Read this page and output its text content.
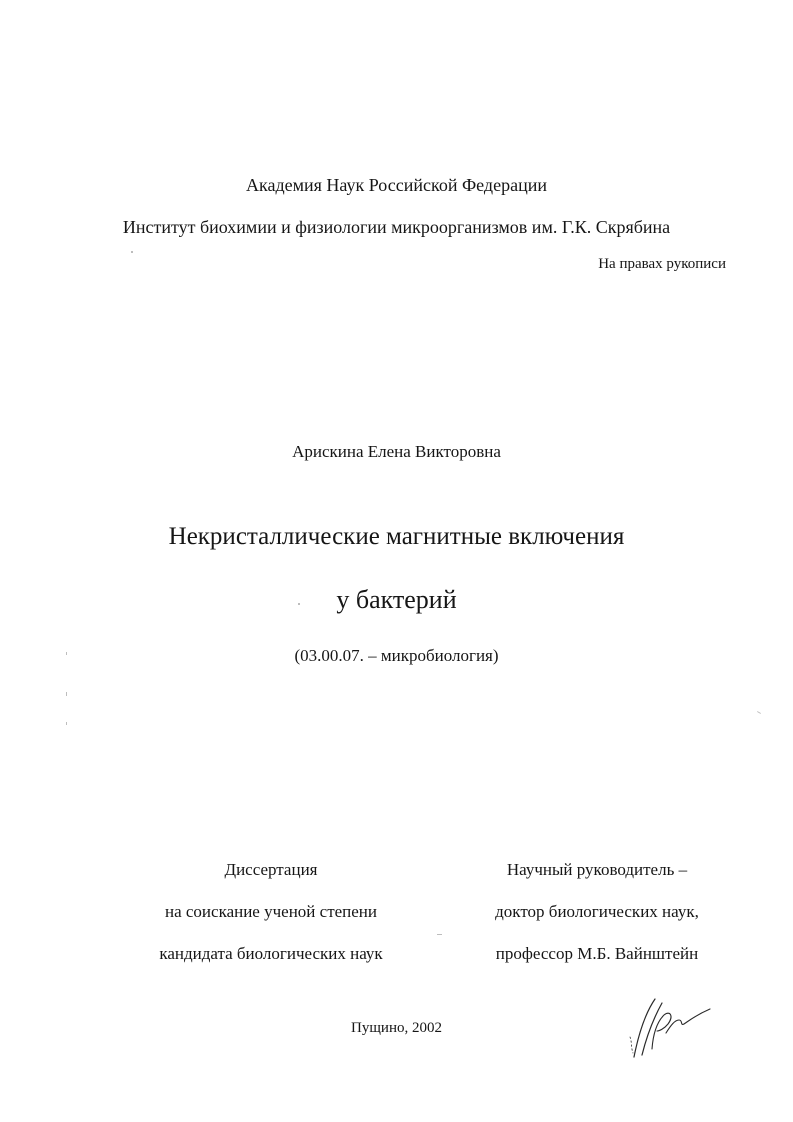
Академия Наук Российской Федерации
Институт биохимии и физиологии микроорганизмов им. Г.К. Скрябина
На правах рукописи
Арискина Елена Викторовна
Некристаллические магнитные включения
у бактерий
(03.00.07. – микробиология)
Диссертация
на соискание ученой степени
кандидата биологических наук
Научный руководитель –
доктор биологических наук,
профессор М.Б. Вайнштейн
Пущино, 2002
